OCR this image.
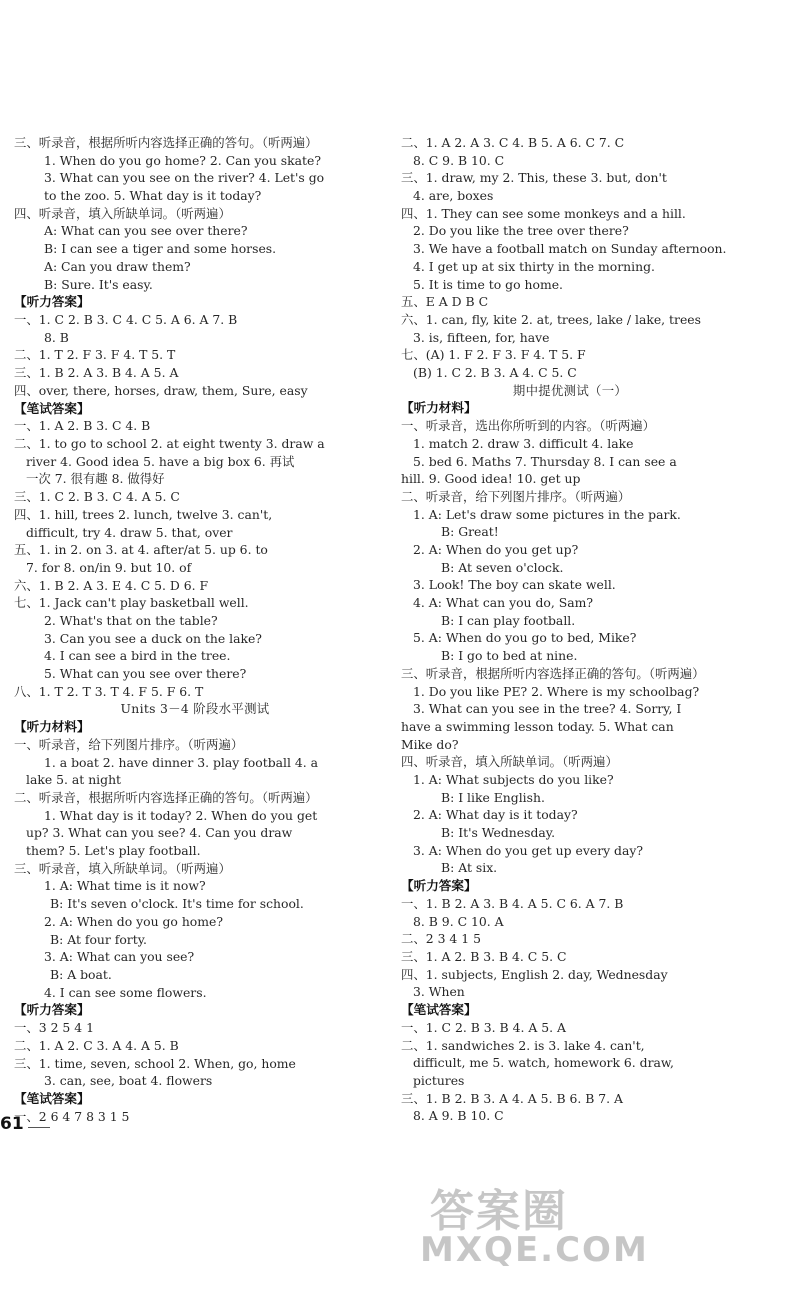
三、听录音，根据所听内容选择正确的答句。（听两遍）
1. When do you go home? 2. Can you skate?
3. What can you see on the river? 4. Let's go
to the zoo. 5. What day is it today?
四、听录音，填入所缺单词。（听两遍）
A: What can you see over there?
B: I can see a tiger and some horses.
A: Can you draw them?
B: Sure. It's easy.
【听力答案】
一、1. C 2. B 3. C 4. C 5. A 6. A 7. B
8. B
二、1. T 2. F 3. F 4. T 5. T
三、1. B 2. A 3. B 4. A 5. A
四、over, there, horses, draw, them, Sure, easy
【笔试答案】
一、1. A 2. B 3. C 4. B
二、1. to go to school 2. at eight twenty 3. draw a
river 4. Good idea 5. have a big box 6. 再试
一次 7. 很有趣 8. 做得好
三、1. C 2. B 3. C 4. A 5. C
四、1. hill, trees 2. lunch, twelve 3. can't,
difficult, try 4. draw 5. that, over
五、1. in 2. on 3. at 4. after/at 5. up 6. to
7. for 8. on/in 9. but 10. of
六、1. B 2. A 3. E 4. C 5. D 6. F
七、1. Jack can't play basketball well.
2. What's that on the table?
3. Can you see a duck on the lake?
4. I can see a bird in the tree.
5. What can you see over there?
八、1. T 2. T 3. T 4. F 5. F 6. T
Units 3－4 阶段水平测试
【听力材料】
一、听录音，给下列图片排序。（听两遍）
1. a boat 2. have dinner 3. play football 4. a
lake 5. at night
二、听录音，根据所听内容选择正确的答句。（听两遍）
1. What day is it today? 2. When do you get
up? 3. What can you see? 4. Can you draw
them? 5. Let's play football.
三、听录音，填入所缺单词。（听两遍）
1. A: What time is it now?
B: It's seven o'clock. It's time for school.
2. A: When do you go home?
B: At four forty.
3. A: What can you see?
B: A boat.
4. I can see some flowers.
【听力答案】
一、3 2 5 4 1
二、1. A 2. C 3. A 4. A 5. B
三、1. time, seven, school 2. When, go, home
3. can, see, boat 4. flowers
【笔试答案】
一、2 6 4 7 8 3 1 5
二、1. A 2. A 3. C 4. B 5. A 6. C 7. C
8. C 9. B 10. C
三、1. draw, my 2. This, these 3. but, don't
4. are, boxes
四、1. They can see some monkeys and a hill.
2. Do you like the tree over there?
3. We have a football match on Sunday afternoon.
4. I get up at six thirty in the morning.
5. It is time to go home.
五、E A D B C
六、1. can, fly, kite 2. at, trees, lake / lake, trees
3. is, fifteen, for, have
七、(A) 1. F 2. F 3. F 4. T 5. F
(B) 1. C 2. B 3. A 4. C 5. C
期中提优测试（一）
【听力材料】
一、听录音，选出你所听到的内容。（听两遍）
1. match 2. draw 3. difficult 4. lake
5. bed 6. Maths 7. Thursday 8. I can see a
hill. 9. Good idea! 10. get up
二、听录音，给下列图片排序。（听两遍）
1. A: Let's draw some pictures in the park.
B: Great!
2. A: When do you get up?
B: At seven o'clock.
3. Look! The boy can skate well.
4. A: What can you do, Sam?
B: I can play football.
5. A: When do you go to bed, Mike?
B: I go to bed at nine.
三、听录音，根据所听内容选择正确的答句。（听两遍）
1. Do you like PE? 2. Where is my schoolbag?
3. What can you see in the tree? 4. Sorry, I
have a swimming lesson today. 5. What can
Mike do?
四、听录音，填入所缺单词。（听两遍）
1. A: What subjects do you like?
B: I like English.
2. A: What day is it today?
B: It's Wednesday.
3. A: When do you get up every day?
B: At six.
【听力答案】
一、1. B 2. A 3. B 4. A 5. C 6. A 7. B
8. B 9. C 10. A
二、2 3 4 1 5
三、1. A 2. B 3. B 4. C 5. C
四、1. subjects, English 2. day, Wednesday
3. When
【笔试答案】
一、1. C 2. B 3. B 4. A 5. A
二、1. sandwiches 2. is 3. lake 4. can't,
difficult, me 5. watch, homework 6. draw,
pictures
三、1. B 2. B 3. A 4. A 5. B 6. B 7. A
8. A 9. B 10. C
61
答案圈
MXQE.COM
